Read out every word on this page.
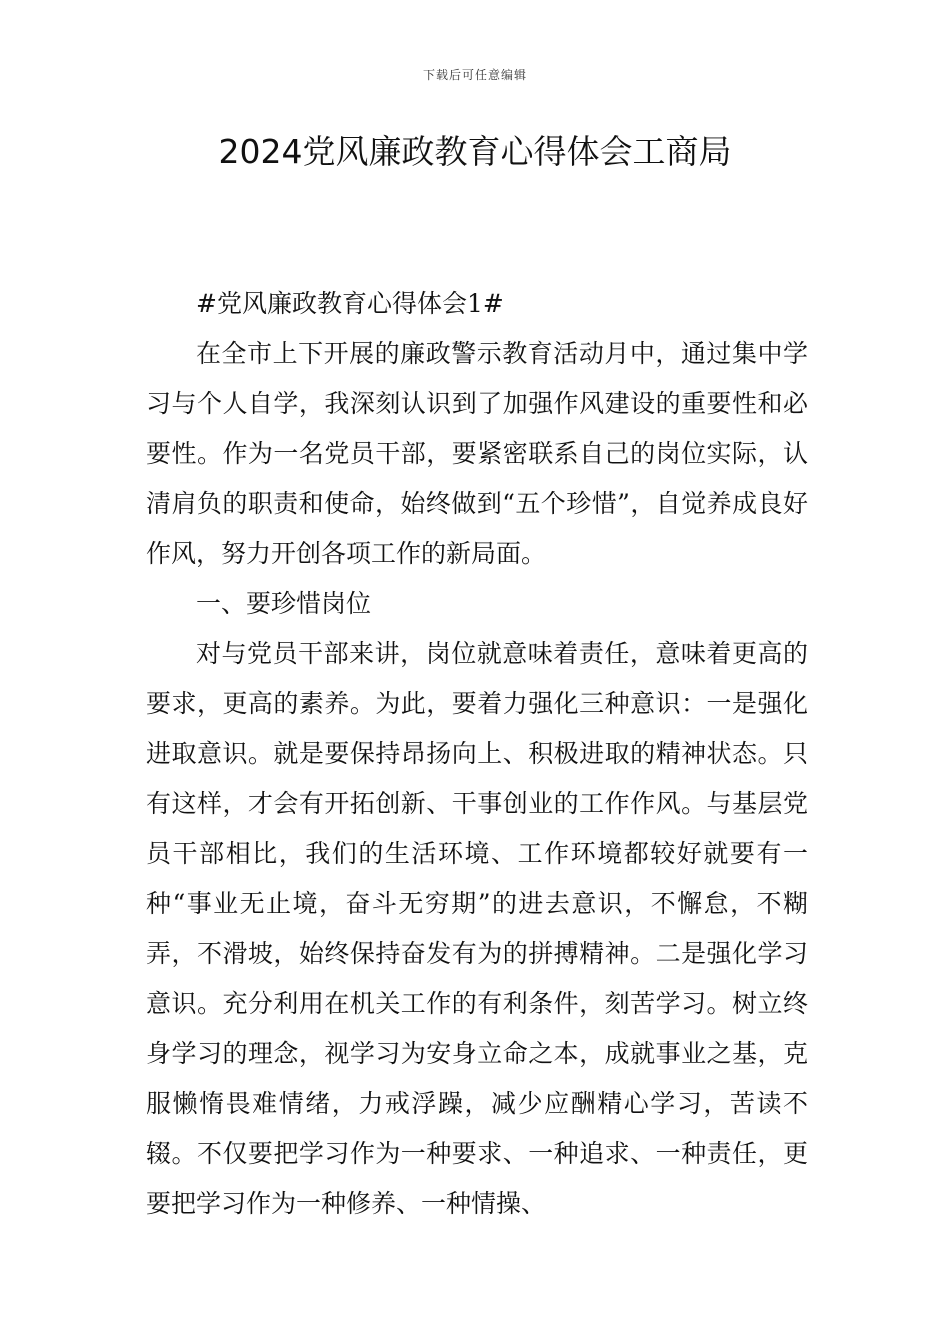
下载后可任意编辑
2024党风廉政教育心得体会工商局

#党风廉政教育心得体会1#

在全市上下开展的廉政警示教育活动月中，通过集中学习与个人自学，我深刻认识到了加强作风建设的重要性和必要性。作为一名党员干部，要紧密联系自己的岗位实际，认清肩负的职责和使命，始终做到“五个珍惜”，自觉养成良好作风，努力开创各项工作的新局面。

一、要珍惜岗位

对与党员干部来讲，岗位就意味着责任，意味着更高的要求，更高的素养。为此，要着力强化三种意识：一是强化进取意识。就是要保持昂扬向上、积极进取的精神状态。只有这样，才会有开拓创新、干事创业的工作作风。与基层党员干部相比，我们的生活环境、工作环境都较好就要有一种“事业无止境，奋斗无穷期”的进去意识，不懈怠，不糊弄，不滑坡，始终保持奋发有为的拼搏精神。二是强化学习意识。充分利用在机关工作的有利条件，刻苦学习。树立终身学习的理念，视学习为安身立命之本，成就事业之基，克服懒惰畏难情绪，力戒浮躁，减少应酬精心学习，苦读不辍。不仅要把学习作为一种要求、一种追求、一种责任，更要把学习作为一种修养、一种情操、
